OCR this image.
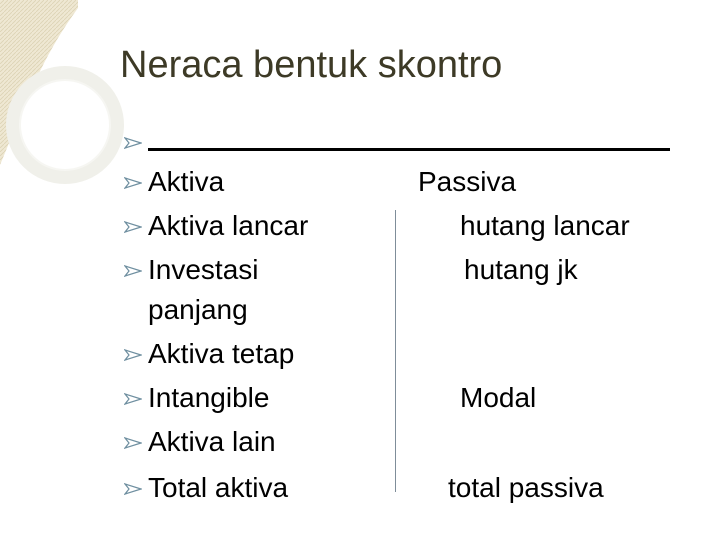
Neraca bentuk skontro
Aktiva
Aktiva lancar
Investasi
panjang
Aktiva tetap
Intangible
Aktiva lain
Total aktiva
Passiva
hutang lancar
hutang jk
Modal
total passiva
